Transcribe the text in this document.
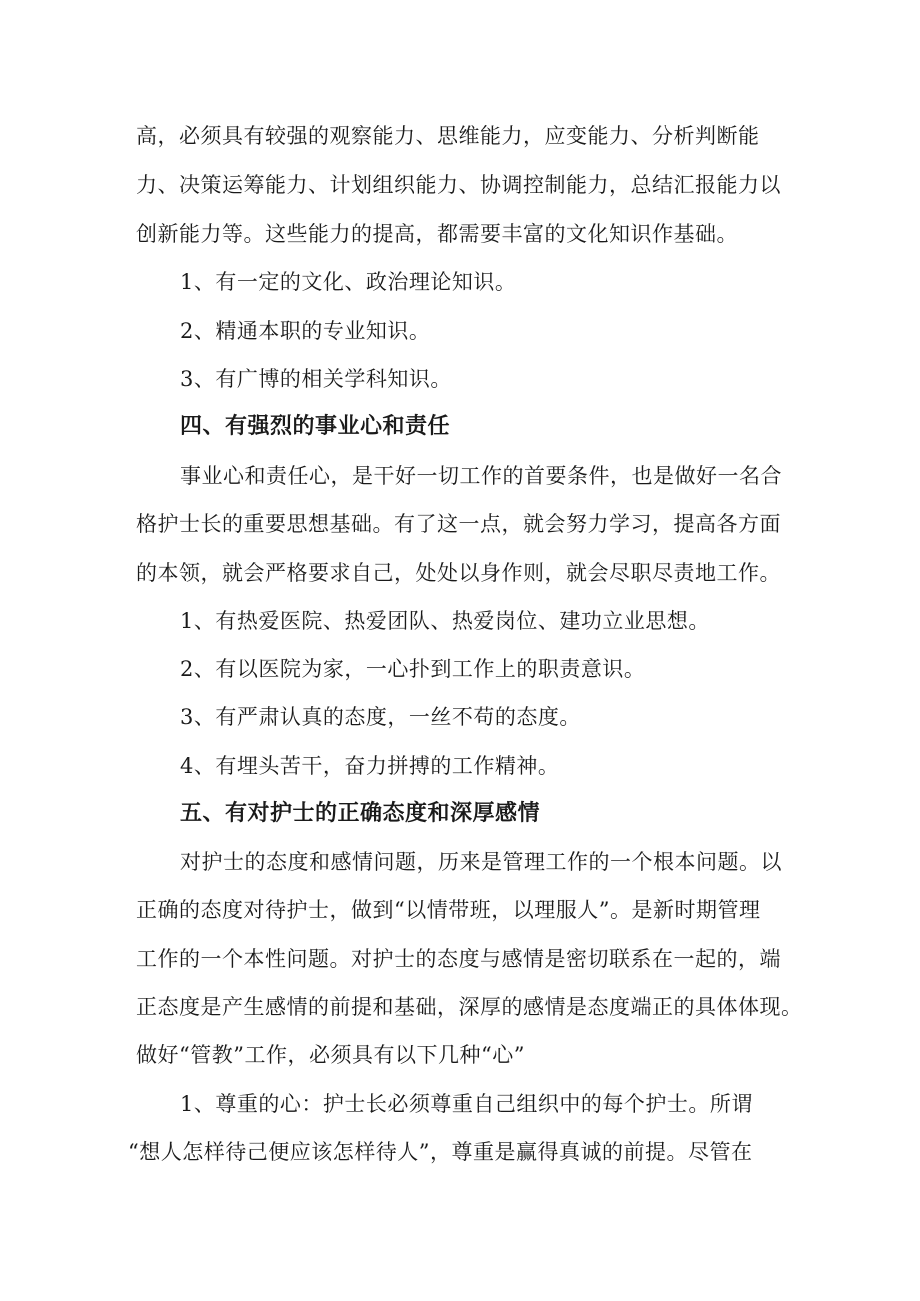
高，必须具有较强的观察能力、思维能力，应变能力、分析判断能
力、决策运筹能力、计划组织能力、协调控制能力，总结汇报能力以
创新能力等。这些能力的提高，都需要丰富的文化知识作基础。
1、有一定的文化、政治理论知识。
2、精通本职的专业知识。
3、有广博的相关学科知识。
四、有强烈的事业心和责任
事业心和责任心，是干好一切工作的首要条件，也是做好一名合
格护士长的重要思想基础。有了这一点，就会努力学习，提高各方面
的本领，就会严格要求自己，处处以身作则，就会尽职尽责地工作。
1、有热爱医院、热爱团队、热爱岗位、建功立业思想。
2、有以医院为家，一心扑到工作上的职责意识。
3、有严肃认真的态度，一丝不苟的态度。
4、有埋头苦干，奋力拼搏的工作精神。
五、有对护士的正确态度和深厚感情
对护士的态度和感情问题，历来是管理工作的一个根本问题。以
正确的态度对待护士，做到“以情带班，以理服人”。是新时期管理
工作的一个本性问题。对护士的态度与感情是密切联系在一起的，端
正态度是产生感情的前提和基础，深厚的感情是态度端正的具体体现。
做好“管教”工作，必须具有以下几种“心”
1、尊重的心：护士长必须尊重自己组织中的每个护士。所谓
“想人怎样待己便应该怎样待人”，尊重是赢得真诚的前提。尽管在
